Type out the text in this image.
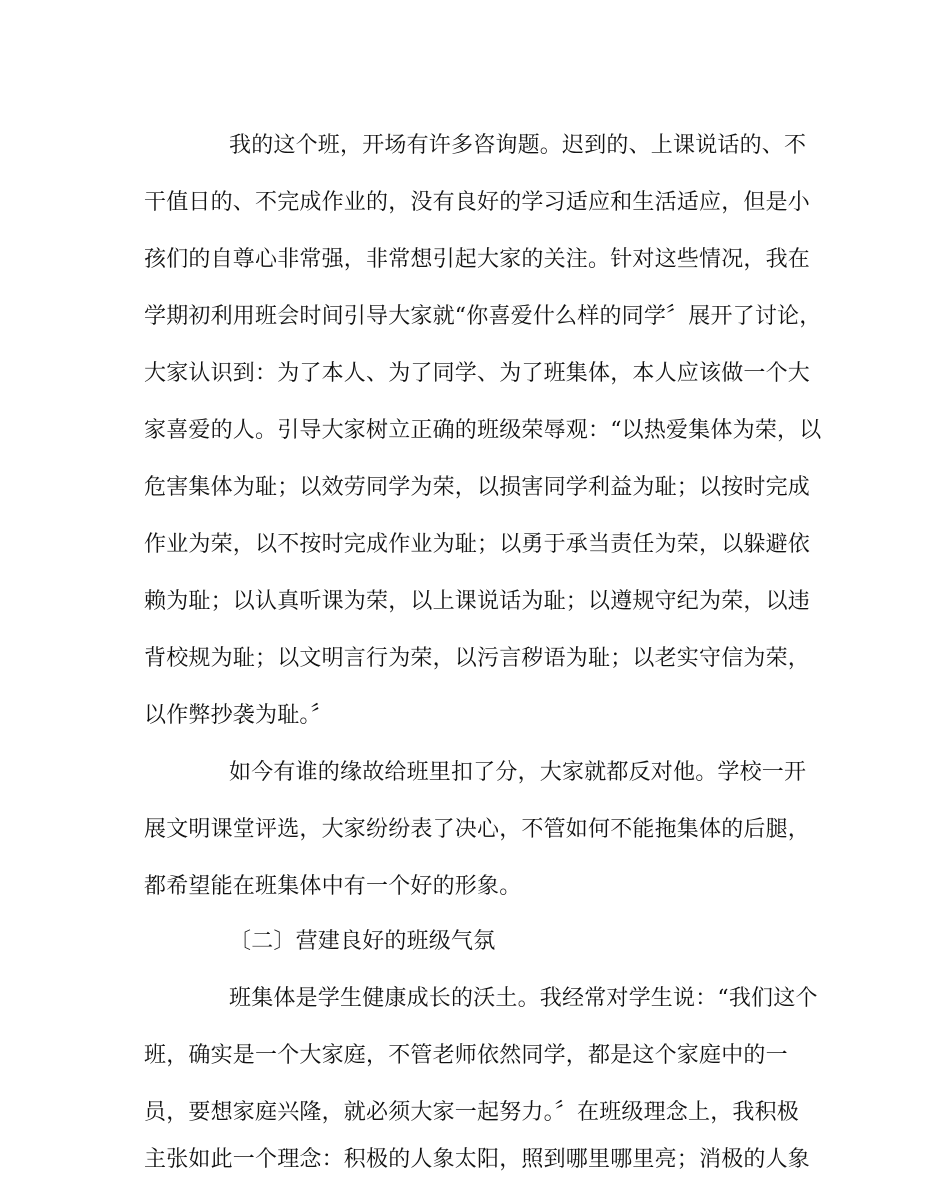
我的这个班，开场有许多咨询题。迟到的、上课说话的、不
干值日的、不完成作业的，没有良好的学习适应和生活适应，但是小
孩们的自尊心非常强，非常想引起大家的关注。针对这些情况，我在
学期初利用班会时间引导大家就“你喜爱什么样的同学〞展开了讨论，
大家认识到：为了本人、为了同学、为了班集体，本人应该做一个大
家喜爱的人。引导大家树立正确的班级荣辱观：“以热爱集体为荣，以
危害集体为耻；以效劳同学为荣，以损害同学利益为耻；以按时完成
作业为荣，以不按时完成作业为耻；以勇于承当责任为荣，以躲避依
赖为耻；以认真听课为荣，以上课说话为耻；以遵规守纪为荣，以违
背校规为耻；以文明言行为荣，以污言秽语为耻；以老实守信为荣，
以作弊抄袭为耻。〞
如今有谁的缘故给班里扣了分，大家就都反对他。学校一开
展文明课堂评选，大家纷纷表了决心，不管如何不能拖集体的后腿，
都希望能在班集体中有一个好的形象。
〔二〕营建良好的班级气氛
班集体是学生健康成长的沃土。我经常对学生说：“我们这个
班，确实是一个大家庭，不管老师依然同学，都是这个家庭中的一
员，要想家庭兴隆，就必须大家一起努力。〞在班级理念上，我积极
主张如此一个理念：积极的人象太阳，照到哪里哪里亮；消极的人象
